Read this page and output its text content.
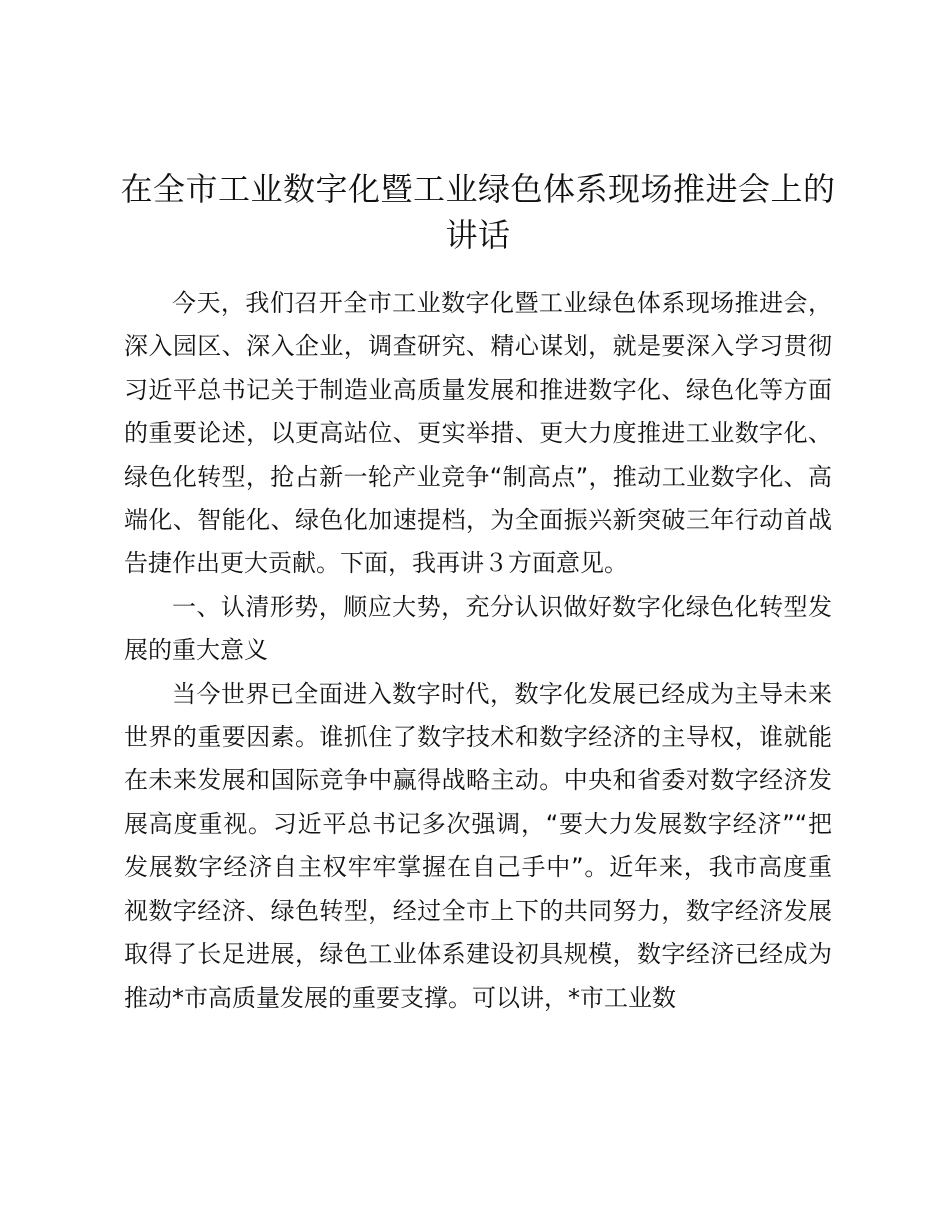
在全市工业数字化暨工业绿色体系现场推进会上的讲话

今天，我们召开全市工业数字化暨工业绿色体系现场推进会，深入园区、深入企业，调查研究、精心谋划，就是要深入学习贯彻习近平总书记关于制造业高质量发展和推进数字化、绿色化等方面的重要论述，以更高站位、更实举措、更大力度推进工业数字化、绿色化转型，抢占新一轮产业竞争“制高点”，推动工业数字化、高端化、智能化、绿色化加速提档，为全面振兴新突破三年行动首战告捷作出更大贡献。下面，我再讲３方面意见。

一、认清形势，顺应大势，充分认识做好数字化绿色化转型发展的重大意义

当今世界已全面进入数字时代，数字化发展已经成为主导未来世界的重要因素。谁抓住了数字技术和数字经济的主导权，谁就能在未来发展和国际竞争中赢得战略主动。中央和省委对数字经济发展高度重视。习近平总书记多次强调，“要大力发展数字经济”“把发展数字经济自主权牢牢掌握在自己手中”。近年来，我市高度重视数字经济、绿色转型，经过全市上下的共同努力，数字经济发展取得了长足进展，绿色工业体系建设初具规模，数字经济已经成为推动*市高质量发展的重要支撑。可以讲，*市工业数
